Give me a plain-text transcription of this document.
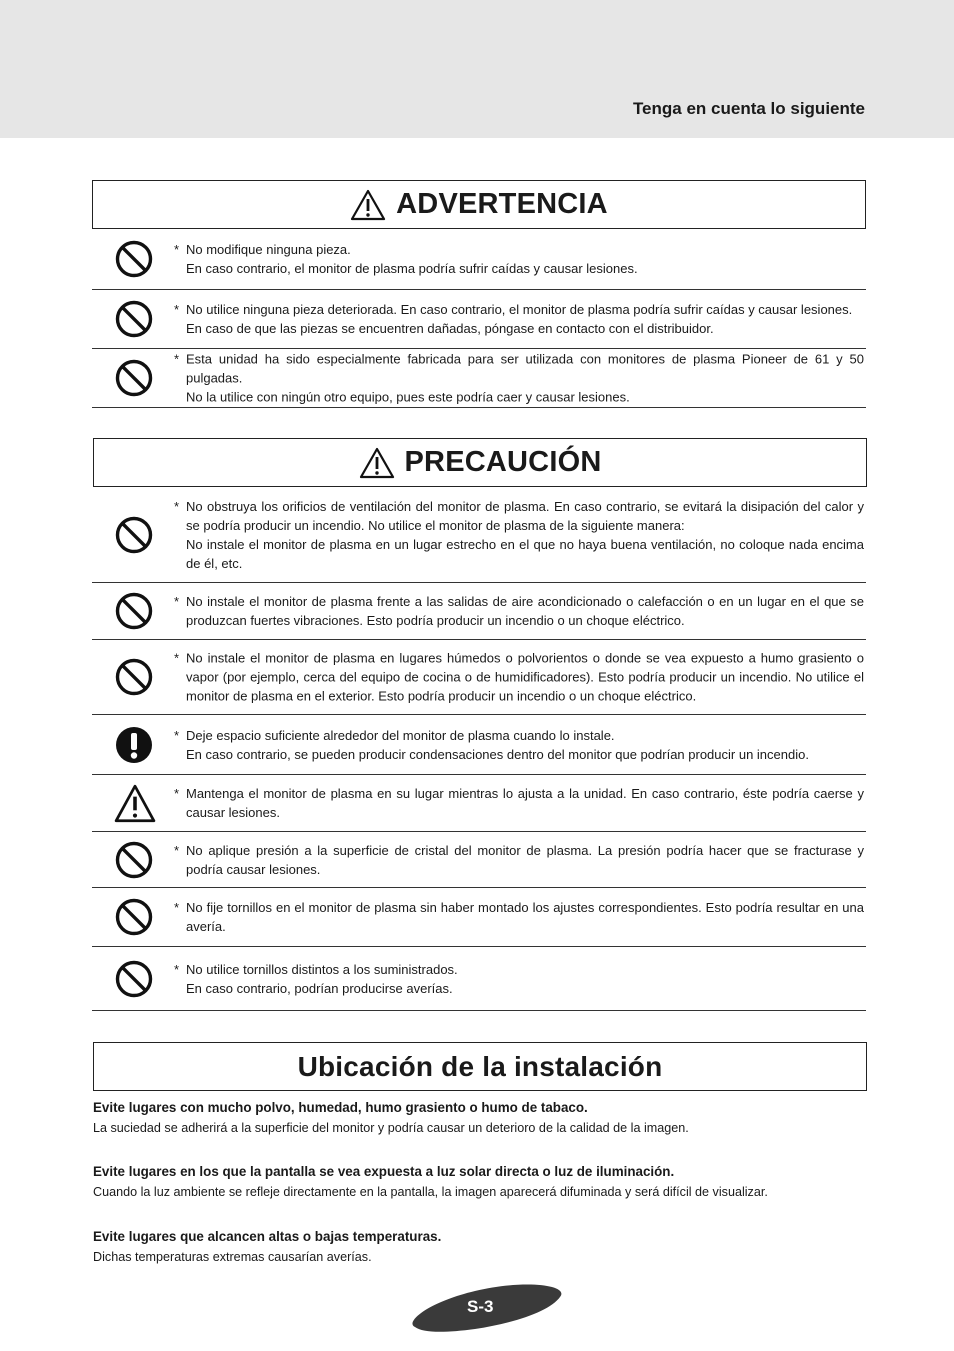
Tenga en cuenta lo siguiente
ADVERTENCIA
* No modifique ninguna pieza.
En caso contrario, el monitor de plasma podría sufrir caídas y causar lesiones.
* No utilice ninguna pieza deteriorada. En caso contrario, el monitor de plasma podría sufrir caídas y causar lesiones.
En caso de que las piezas se encuentren dañadas, póngase en contacto con el distribuidor.
* Esta unidad ha sido especialmente fabricada para ser utilizada con monitores de plasma Pioneer de 61 y 50 pulgadas.
No la utilice con ningún otro equipo, pues este podría caer y causar lesiones.
PRECAUCIÓN
* No obstruya los orificios de ventilación del monitor de plasma. En caso contrario, se evitará la disipación del calor y se podría producir un incendio. No utilice el monitor de plasma de la siguiente manera:
No instale el monitor de plasma en un lugar estrecho en el que no haya buena ventilación, no coloque nada encima de él, etc.
* No instale el monitor de plasma frente a las salidas de aire acondicionado o calefacción o en un lugar en el que se produzcan fuertes vibraciones. Esto podría producir un incendio o un choque eléctrico.
* No instale el monitor de plasma en lugares húmedos o polvorientos o donde se vea expuesto a humo grasiento o vapor (por ejemplo, cerca del equipo de cocina o de humidificadores). Esto podría producir un incendio. No utilice el monitor de plasma en el exterior. Esto podría producir un incendio o un choque eléctrico.
* Deje espacio suficiente alrededor del monitor de plasma cuando lo instale.
En caso contrario, se pueden producir condensaciones dentro del monitor que podrían producir un incendio.
* Mantenga el monitor de plasma en su lugar mientras lo ajusta a la unidad. En caso contrario, éste podría caerse y causar lesiones.
* No aplique presión a la superficie de cristal del monitor de plasma. La presión podría hacer que se fracturase y podría causar lesiones.
* No fije tornillos en el monitor de plasma sin haber montado los ajustes correspondientes. Esto podría resultar en una avería.
* No utilice tornillos distintos a los suministrados.
En caso contrario, podrían producirse averías.
Ubicación de la instalación
Evite lugares con mucho polvo, humedad, humo grasiento o humo de tabaco.
La suciedad se adherirá a la superficie del monitor y podría causar un deterioro de la calidad de la imagen.
Evite lugares en los que la pantalla se vea expuesta a luz solar directa o luz de iluminación.
Cuando la luz ambiente se refleje directamente en la pantalla, la imagen aparecerá difuminada y será difícil de visualizar.
Evite lugares que alcancen altas o bajas temperaturas.
Dichas temperaturas extremas causarían averías.
S-3
